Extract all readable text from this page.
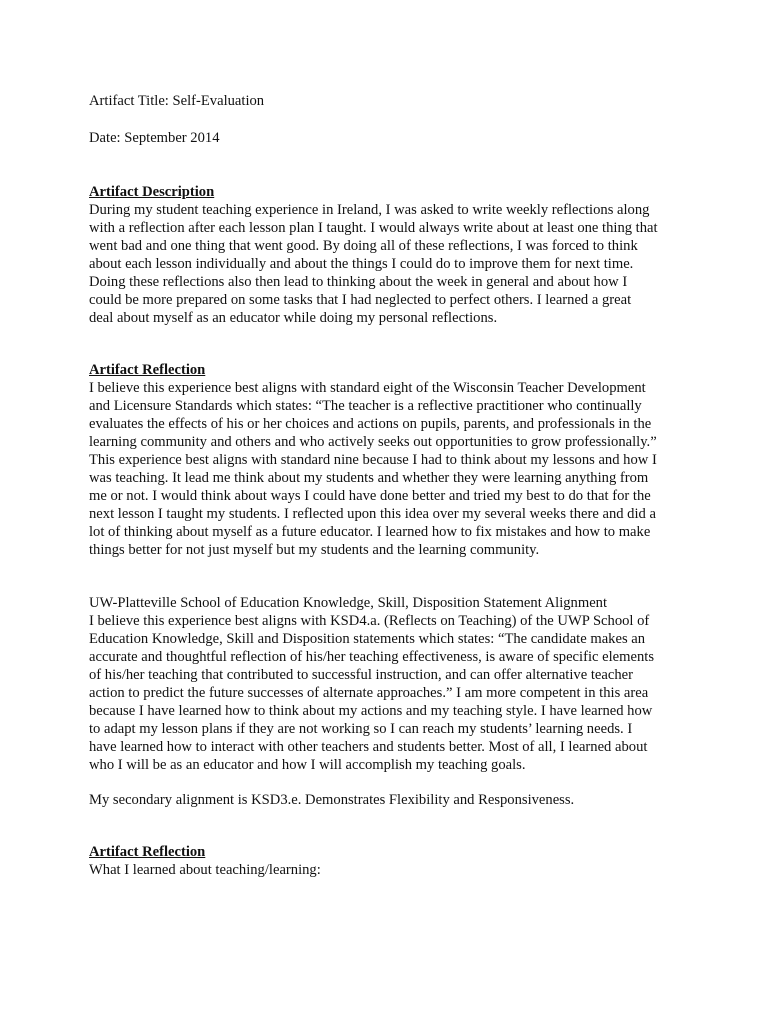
Artifact Title: Self-Evaluation

Date: September 2014

Artifact Description

During my student teaching experience in Ireland, I was asked to write weekly reflections along

with a reflection after each lesson plan I taught. I would always write about at least one thing that

went bad and one thing that went good. By doing all of these reflections, I was forced to think

about each lesson individually and about the things I could do to improve them for next time.

Doing these reflections also then lead to thinking about the week in general and about how I

could be more prepared on some tasks that I had neglected to perfect others. I learned a great

deal about myself as an educator while doing my personal reflections.

Artifact Reflection

I believe this experience best aligns with standard eight of the Wisconsin Teacher Development

and Licensure Standards which states: “The teacher is a reflective practitioner who continually

evaluates the effects of his or her choices and actions on pupils, parents, and professionals in the

learning community and others and who actively seeks out opportunities to grow professionally.”

This experience best aligns with standard nine because I had to think about my lessons and how I

was teaching. It lead me think about my students and whether they were learning anything from

me or not. I would think about ways I could have done better and tried my best to do that for the

next lesson I taught my students. I reflected upon this idea over my several weeks there and did a

lot of thinking about myself as a future educator. I learned how to fix mistakes and how to make

things better for not just myself but my students and the learning community.

UW-Platteville School of Education Knowledge, Skill, Disposition Statement Alignment

I believe this experience best aligns with KSD4.a. (Reflects on Teaching) of the UWP School of

Education Knowledge, Skill and Disposition statements which states: “The candidate makes an

accurate and thoughtful reflection of his/her teaching effectiveness, is aware of specific elements

of his/her teaching that contributed to successful instruction, and can offer alternative teacher

action to predict the future successes of alternate approaches.” I am more competent in this area

because I have learned how to think about my actions and my teaching style. I have learned how

to adapt my lesson plans if they are not working so I can reach my students’ learning needs. I

have learned how to interact with other teachers and students better. Most of all, I learned about

who I will be as an educator and how I will accomplish my teaching goals.

My secondary alignment is KSD3.e. Demonstrates Flexibility and Responsiveness.

Artifact Reflection

What I learned about teaching/learning:
